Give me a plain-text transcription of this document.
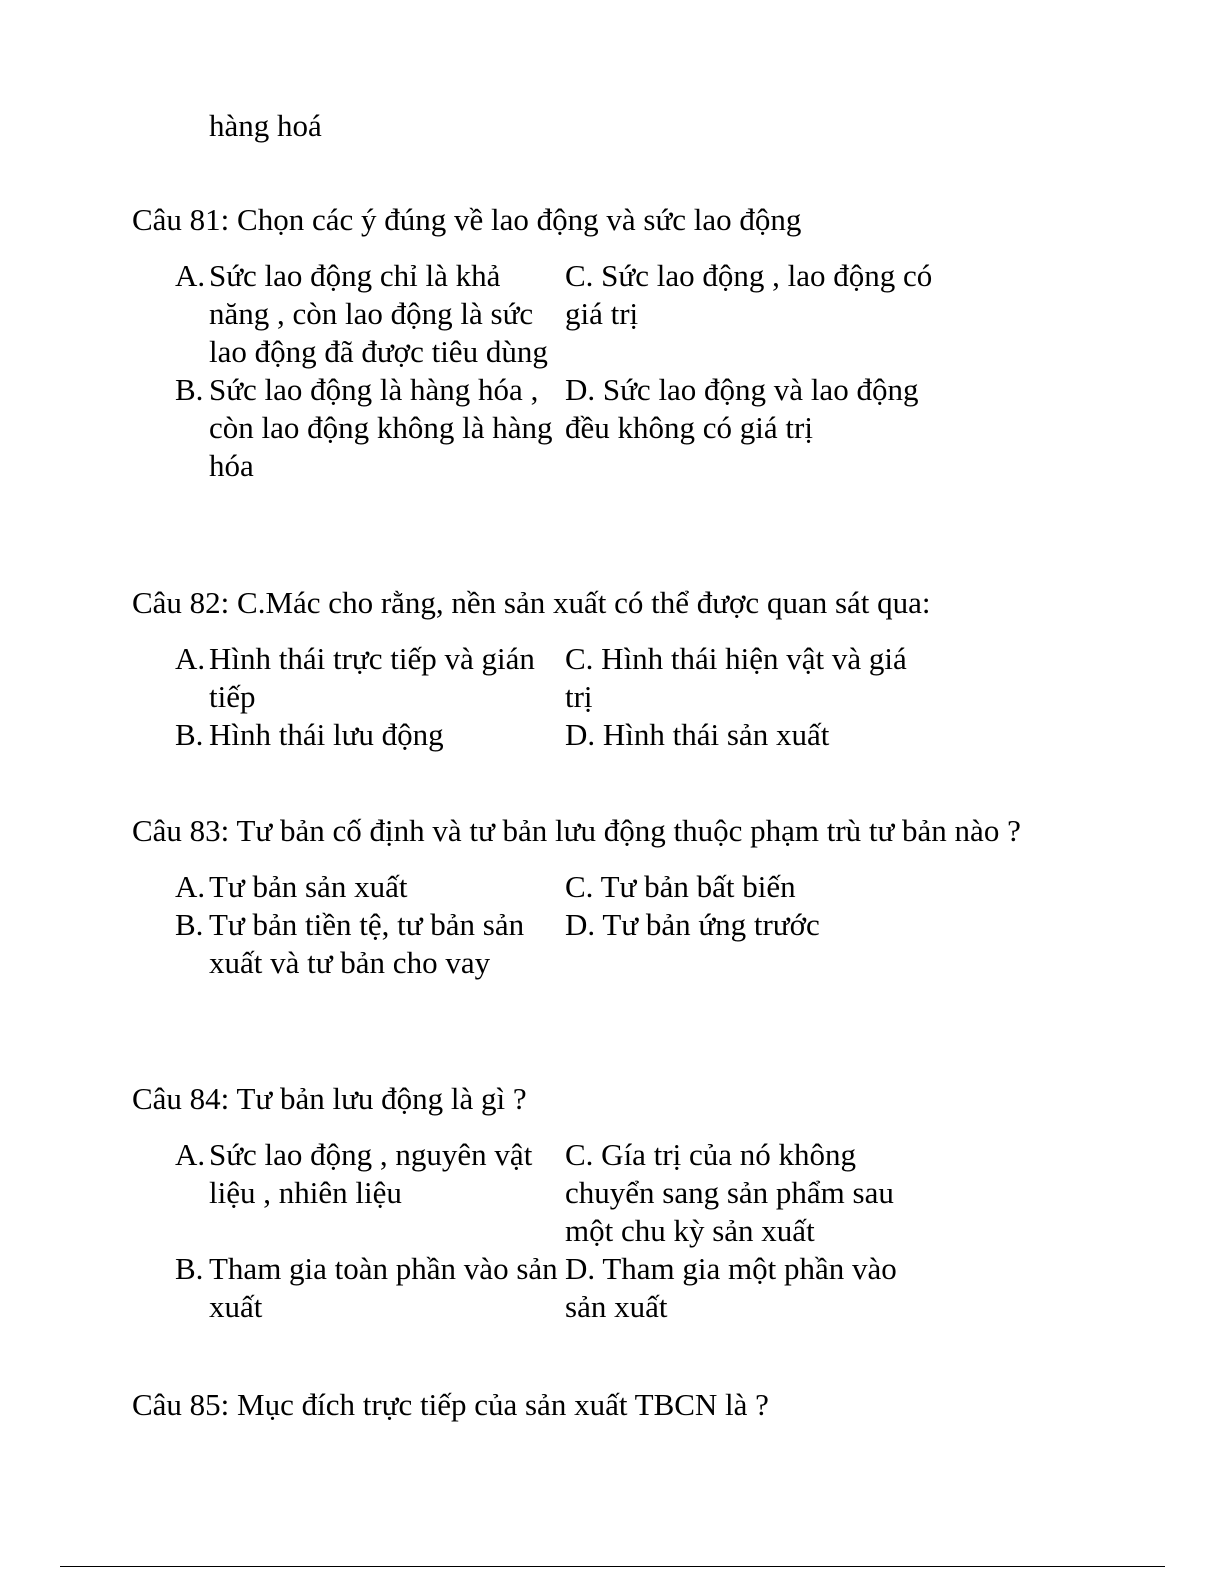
hàng hoá
Câu 81: Chọn các ý đúng về lao động và sức lao động
A. Sức lao động chỉ là khả năng , còn lao động là sức lao động đã được tiêu dùng
C. Sức lao động , lao động có giá trị
B. Sức lao động là hàng hóa , còn lao động không là hàng hóa
D. Sức lao động và lao động đều không có giá trị
Câu 82: C.Mác cho rằng, nền sản xuất có thể được quan sát qua:
A. Hình thái trực tiếp và gián tiếp
C. Hình thái hiện vật và giá trị
B. Hình thái lưu động	D. Hình thái sản xuất
Câu 83: Tư bản cố định và tư bản lưu động thuộc phạm trù tư bản nào ?
A. Tư bản sản xuất	C. Tư bản bất biến
B. Tư bản tiền tệ, tư bản sản xuất và tư bản cho vay
D. Tư bản ứng trước
Câu 84: Tư bản lưu động là gì ?
A. Sức lao động , nguyên vật liệu , nhiên liệu
C. Gía trị của nó không chuyển sang sản phẩm sau một chu kỳ sản xuất
B. Tham gia toàn phần vào sản xuất
D. Tham gia một phần vào sản xuất
Câu 85: Mục đích trực tiếp của sản xuất TBCN là ?
